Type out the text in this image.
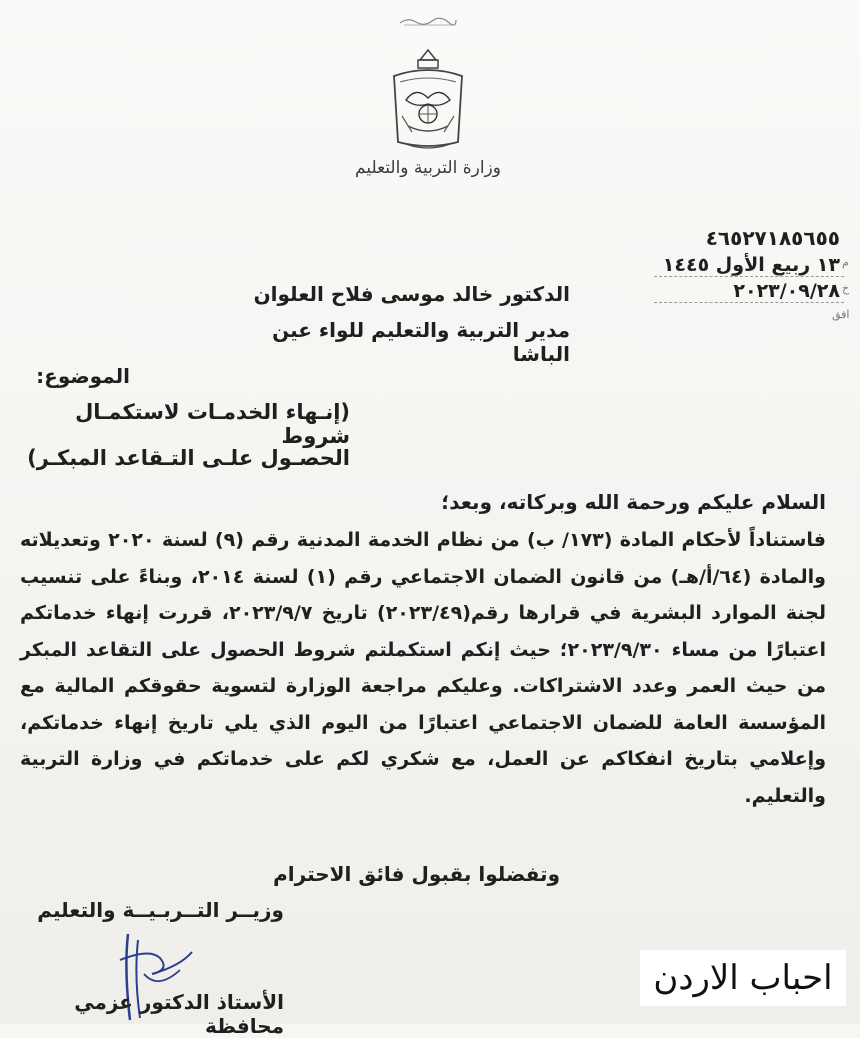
وزارة التربية والتعليم
٤٦٥٢٧١٨٥٦٥٥
١٣ ربيع الأول ١٤٤٥
٢٠٢٣/٠٩/٢٨
م
خ
افق
الدكتور خالد موسى فلاح العلوان
مدير التربية والتعليم للواء عين الباشا
الموضوع:
(إنـهاء الخدمـات لاستكمـال شروط
الحصـول علـى التـقاعد المبكـر)
السلام عليكم ورحمة الله وبركاته، وبعد؛
فاستناداً لأحكام المادة (١٧٣/ ب) من نظام الخدمة المدنية رقم (٩) لسنة ٢٠٢٠ وتعديلاته والمادة (٦٤/أ/هـ) من قانون الضمان الاجتماعي رقم (١) لسنة ٢٠١٤، وبناءً على تنسيب لجنة الموارد البشرية في قرارها رقم(٢٠٢٣/٤٩) تاريخ ٢٠٢٣/٩/٧، قررت إنهاء خدماتكم اعتبارًا من مساء ٢٠٢٣/٩/٣٠؛ حيث إنكم استكملتم شروط الحصول على التقاعد المبكر من حيث العمر وعدد الاشتراكات. وعليكم مراجعة الوزارة لتسوية حقوقكم المالية مع المؤسسة العامة للضمان الاجتماعي اعتبارًا من اليوم الذي يلي تاريخ إنهاء خدماتكم، وإعلامي بتاريخ انفكاكم عن العمل، مع شكري لكم على خدماتكم في وزارة التربية والتعليم.
وتفضلوا بقبول فائق الاحترام
وزيــر التــربـيــة والتعليم
الأستاذ الدكتور عزمي محافظة
احباب الاردن
